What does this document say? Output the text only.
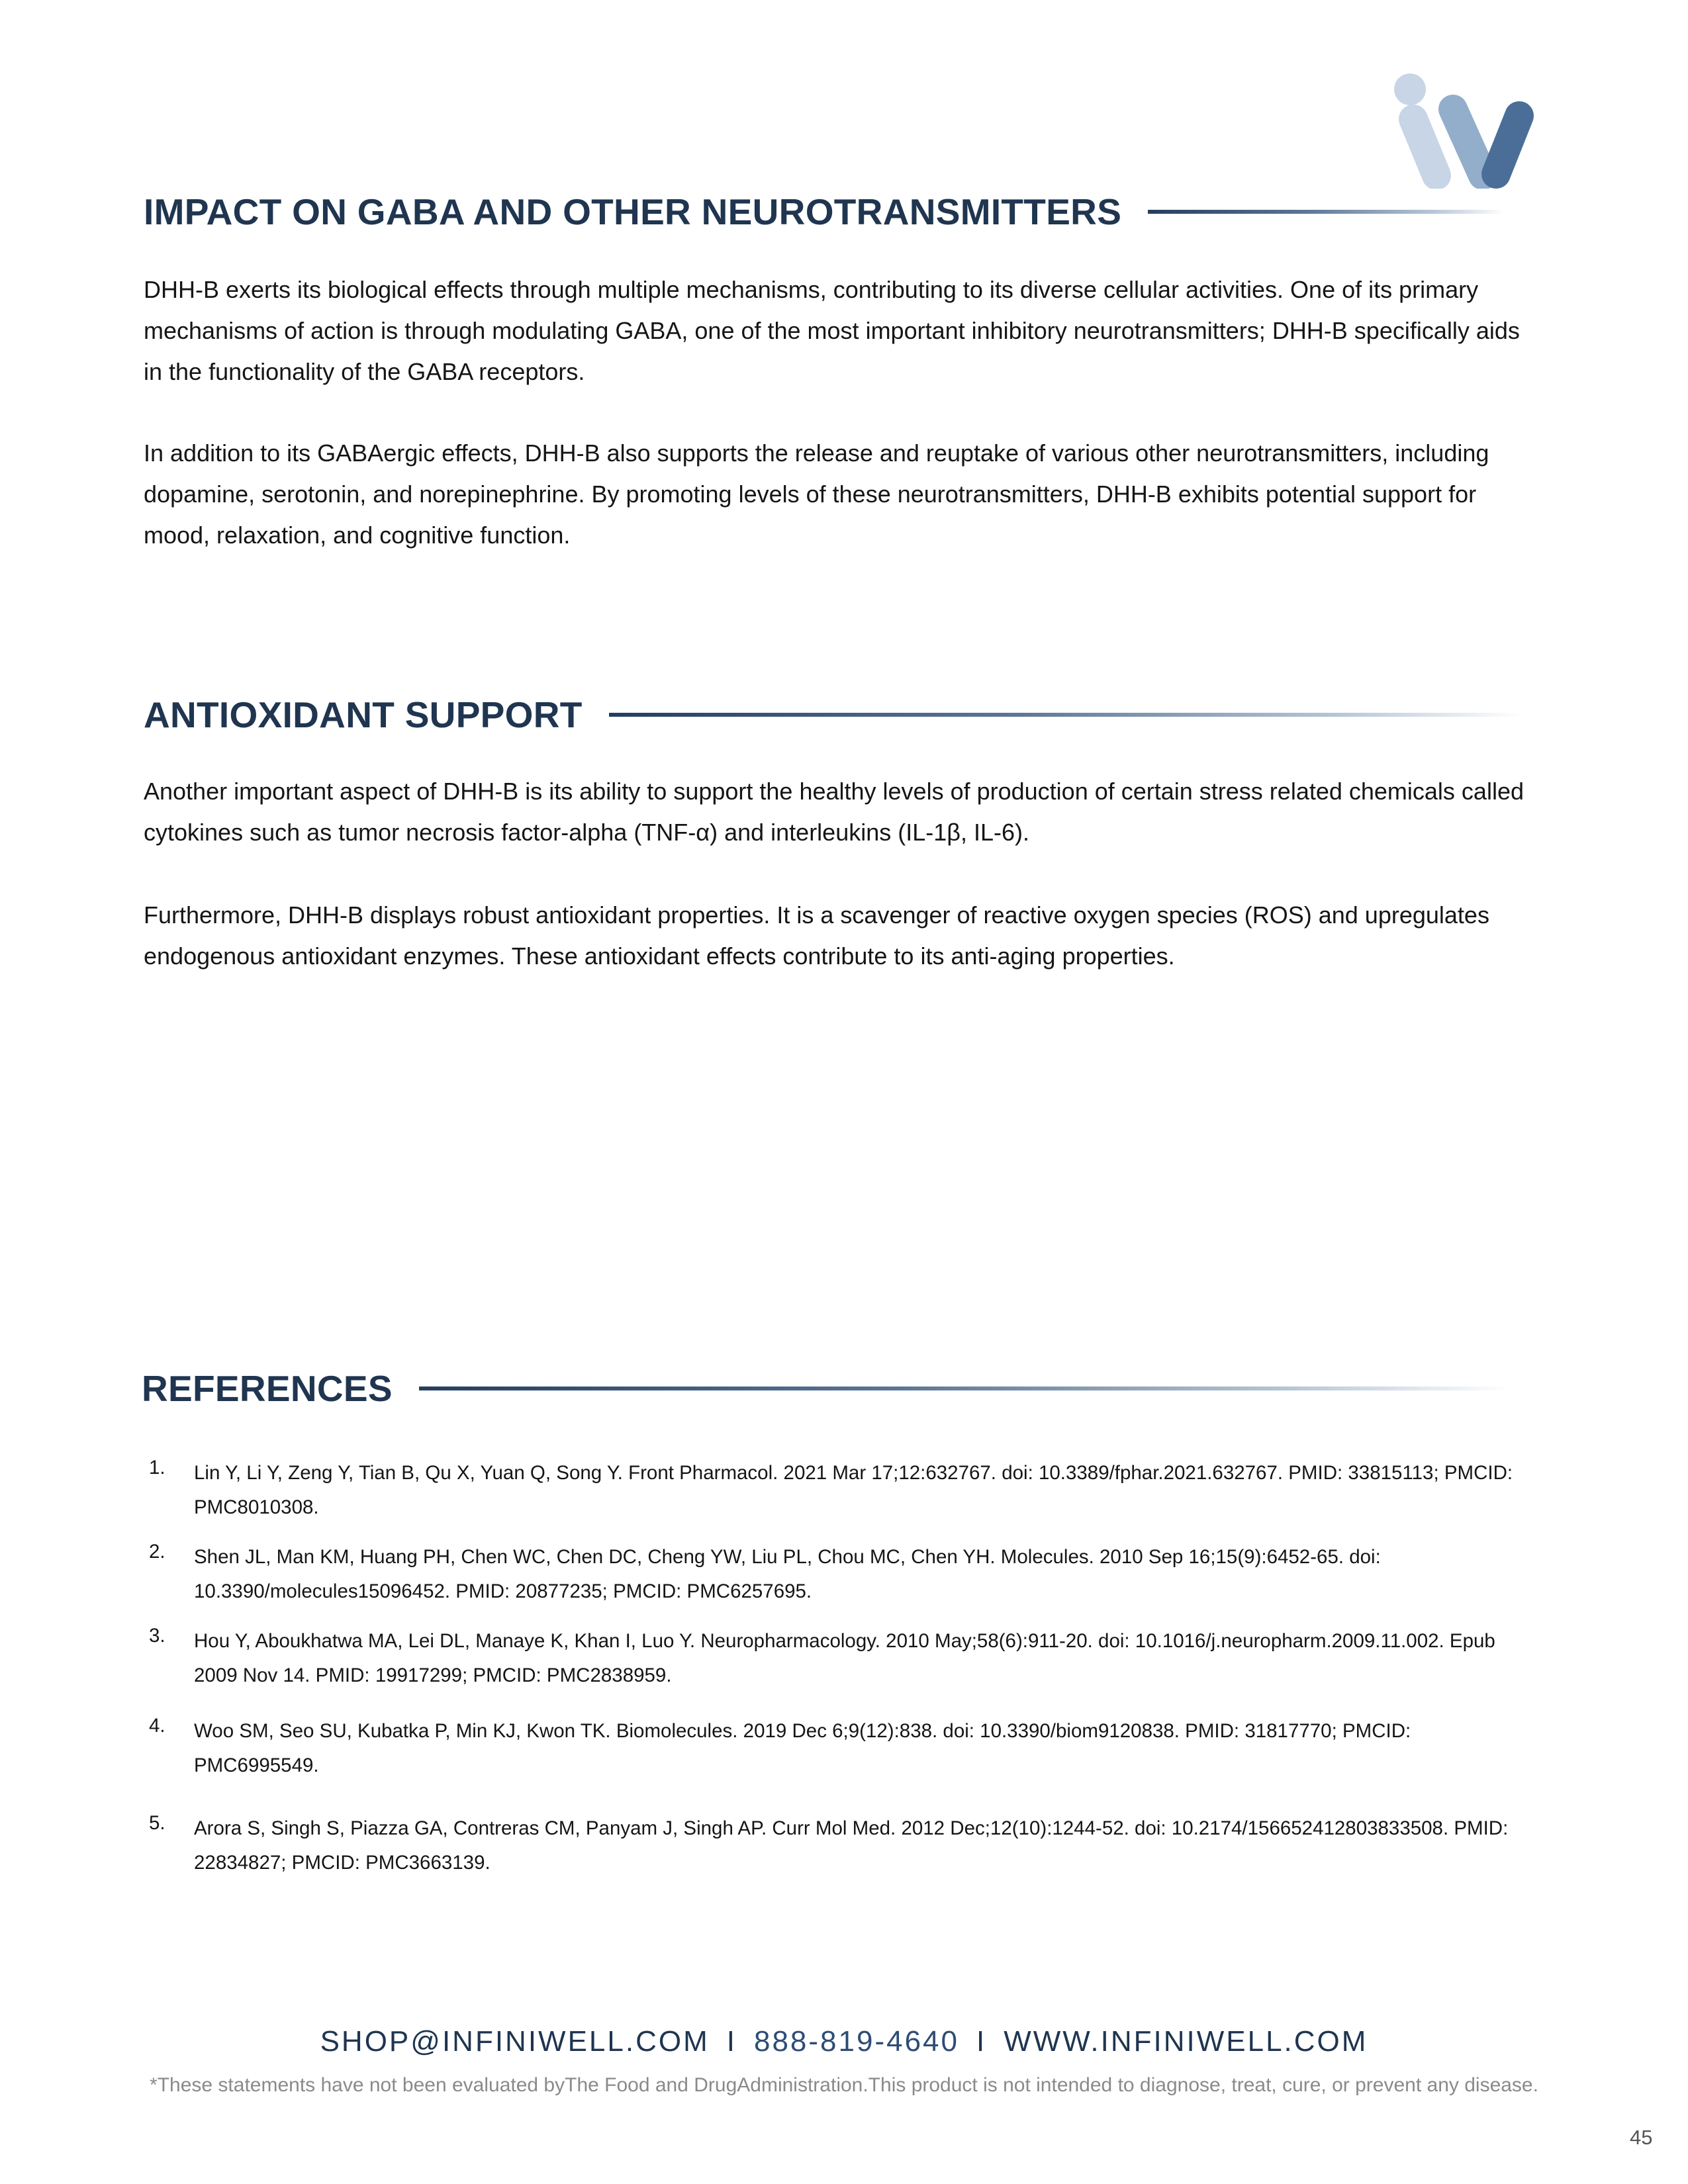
IMPACT ON GABA AND OTHER NEUROTRANSMITTERS

DHH-B exerts its biological effects through multiple mechanisms, contributing to its diverse cellular activities. One of its primary mechanisms of action is through modulating GABA, one of the most important inhibitory neurotransmitters; DHH-B specifically aids in the functionality of the GABA receptors.

In addition to its GABAergic effects, DHH-B also supports the release and reuptake of various other neurotransmitters, including dopamine, serotonin, and norepinephrine. By promoting levels of these neurotransmitters, DHH-B exhibits potential support for mood, relaxation, and cognitive function.

ANTIOXIDANT SUPPORT

Another important aspect of DHH-B is its ability to support the healthy levels of production of certain stress related chemicals called cytokines such as tumor necrosis factor-alpha (TNF-α) and interleukins (IL-1β, IL-6).

Furthermore, DHH-B displays robust antioxidant properties. It is a scavenger of reactive oxygen species (ROS) and upregulates endogenous antioxidant enzymes. These antioxidant effects contribute to its anti-aging properties.

REFERENCES
1. Lin Y, Li Y, Zeng Y, Tian B, Qu X, Yuan Q, Song Y. Front Pharmacol. 2021 Mar 17;12:632767. doi: 10.3389/fphar.2021.632767. PMID: 33815113; PMCID: PMC8010308.
2. Shen JL, Man KM, Huang PH, Chen WC, Chen DC, Cheng YW, Liu PL, Chou MC, Chen YH. Molecules. 2010 Sep 16;15(9):6452-65. doi: 10.3390/molecules15096452. PMID: 20877235; PMCID: PMC6257695.
3. Hou Y, Aboukhatwa MA, Lei DL, Manaye K, Khan I, Luo Y. Neuropharmacology. 2010 May;58(6):911-20. doi: 10.1016/j.neuropharm.2009.11.002. Epub 2009 Nov 14. PMID: 19917299; PMCID: PMC2838959.
4. Woo SM, Seo SU, Kubatka P, Min KJ, Kwon TK. Biomolecules. 2019 Dec 6;9(12):838. doi: 10.3390/biom9120838. PMID: 31817770; PMCID: PMC6995549.
5. Arora S, Singh S, Piazza GA, Contreras CM, Panyam J, Singh AP. Curr Mol Med. 2012 Dec;12(10):1244-52. doi: 10.2174/156652412803833508. PMID: 22834827; PMCID: PMC3663139.
SHOP@INFINIWELL.COM I 888-819-4640 I WWW.INFINIWELL.COM
*These statements have not been evaluated byThe Food and DrugAdministration.This product is not intended to diagnose, treat, cure, or prevent any disease.
45
